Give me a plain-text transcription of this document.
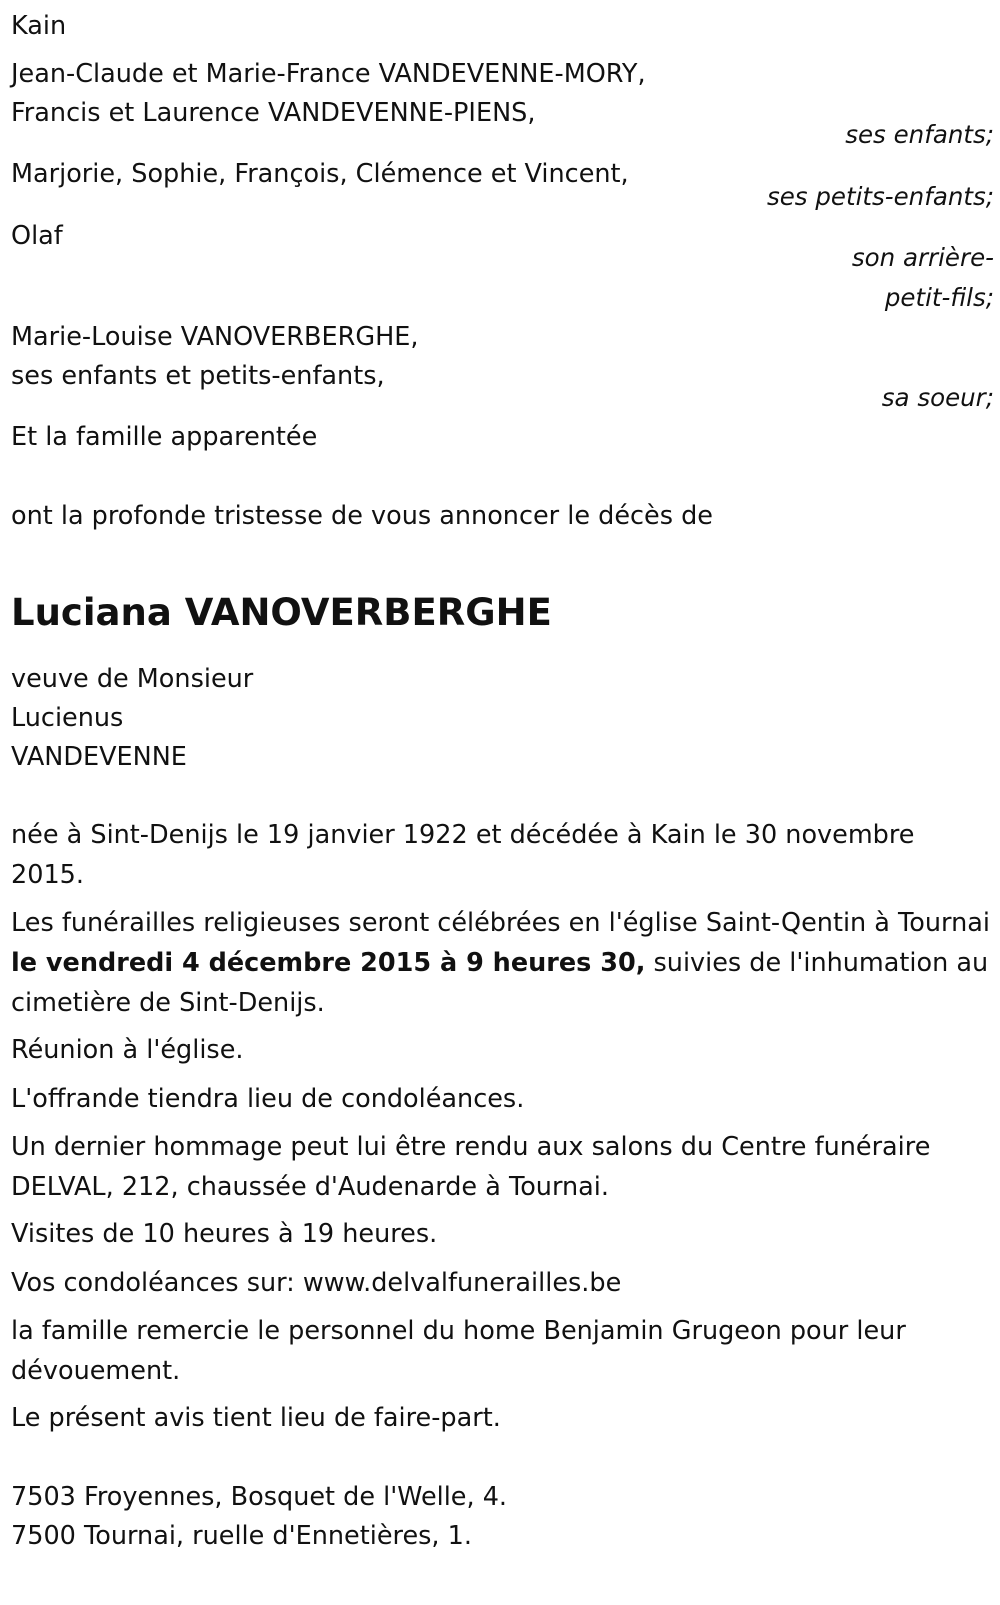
Kain
Jean-Claude et Marie-France VANDEVENNE-MORY,
Francis et Laurence VANDEVENNE-PIENS,
ses enfants;
Marjorie, Sophie, François, Clémence et Vincent,
ses petits-enfants;
Olaf
son arrière-
petit-fils;
Marie-Louise VANOVERBERGHE,
ses enfants et petits-enfants,
sa soeur;
Et la famille apparentée
ont la profonde tristesse de vous annoncer le décès de
Luciana VANOVERBERGHE
veuve de Monsieur
Lucienus
VANDEVENNE
née à Sint-Denijs le 19 janvier 1922 et décédée à Kain le 30 novembre 2015.
Les funérailles religieuses seront célébrées en l'église Saint-Qentin à Tournai le vendredi 4 décembre 2015 à 9 heures 30, suivies de l'inhumation au cimetière de Sint-Denijs.
Réunion à l'église.
L'offrande tiendra lieu de condoléances.
Un dernier hommage peut lui être rendu aux salons du Centre funéraire DELVAL, 212, chaussée d'Audenarde à Tournai.
Visites de 10 heures à 19 heures.
Vos condoléances sur: www.delvalfunerailles.be
la famille remercie le personnel du home Benjamin Grugeon pour leur dévouement.
Le présent avis tient lieu de faire-part.
7503 Froyennes, Bosquet de l'Welle, 4.
7500 Tournai, ruelle d'Ennetières, 1.
